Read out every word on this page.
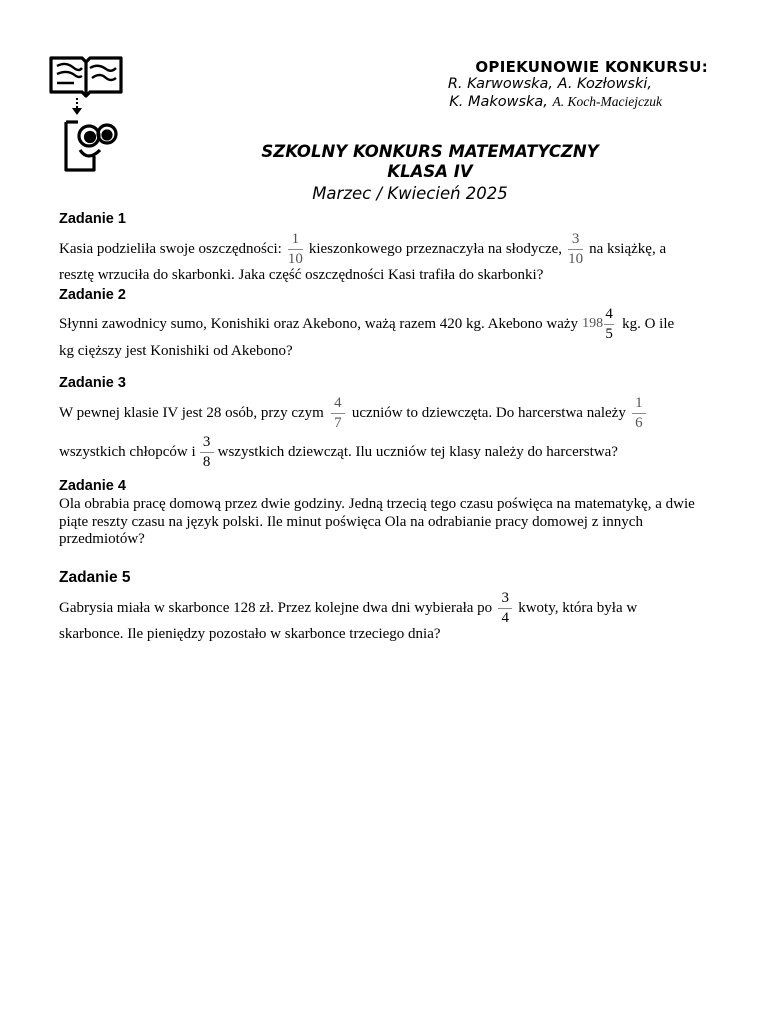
OPIEKUNOWIE KONKURSU:
R. Karwowska, A. Kozłowski,
K. Makowska, A. Koch-Maciejczuk
SZKOLNY KONKURS MATEMATYCZNY
KLASA IV
Marzec / Kwiecień 2025
Zadanie 1
Kasia podzieliła swoje oszczędności: $\frac{1}{10}$ kieszonkowego przeznaczyła na słodycze, $\frac{3}{10}$ na książkę, a
resztę wrzuciła do skarbonki. Jaka część oszczędności Kasi trafiła do skarbonki?
Zadanie 2
Słynni zawodnicy sumo, Konishiki oraz Akebono, ważą razem 420 kg. Akebono waży $198 \frac{4}{5}$ kg. O ile
kg cięższy jest Konishiki od Akebono?
Zadanie 3
W pewnej klasie IV jest 28 osób, przy czym $\frac{4}{7}$ uczniów to dziewczęta. Do harcerstwa należy $\frac{1}{6}$
wszystkich chłopców i $\frac{3}{8}$ wszystkich dziewcząt. Ilu uczniów tej klasy należy do harcerstwa?
Zadanie 4
Ola obrabia pracę domową przez dwie godziny. Jedną trzecią tego czasu poświęca na matematykę, a dwie
piąte reszty czasu na język polski. Ile minut poświęca Ola na odrabianie pracy domowej z innych
przedmiotów?
Zadanie 5
Gabrysia miała w skarbonce 128 zł. Przez kolejne dwa dni wybierała po $\frac{3}{4}$ kwoty, która była w
skarbonce. Ile pieniędzy pozostało w skarbonce trzeciego dnia?
